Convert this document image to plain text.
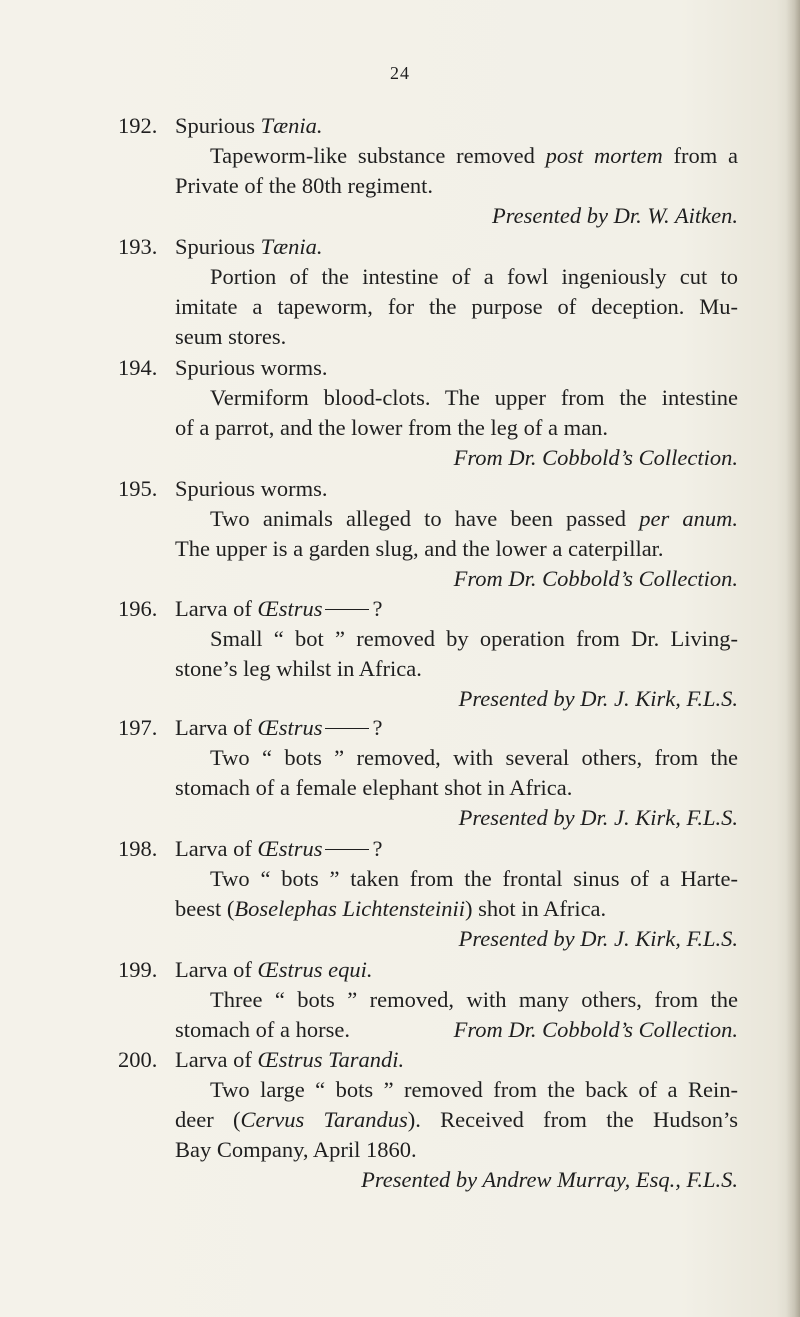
24
192. Spurious Tænia.
Tapeworm-like substance removed post mortem from a
Private of the 80th regiment.
Presented by Dr. W. Aitken.
193. Spurious Tænia.
Portion of the intestine of a fowl ingeniously cut to
imitate a tapeworm, for the purpose of deception. Mu-
seum stores.
194. Spurious worms.
Vermiform blood-clots. The upper from the intestine
of a parrot, and the lower from the leg of a man.
From Dr. Cobbold’s Collection.
195. Spurious worms.
Two animals alleged to have been passed per anum.
The upper is a garden slug, and the lower a caterpillar.
From Dr. Cobbold’s Collection.
196. Larva of Œstrus ?
Small “ bot ” removed by operation from Dr. Living-
stone’s leg whilst in Africa.
Presented by Dr. J. Kirk, F.L.S.
197. Larva of Œstrus ?
Two “ bots ” removed, with several others, from the
stomach of a female elephant shot in Africa.
Presented by Dr. J. Kirk, F.L.S.
198. Larva of Œstrus ?
Two “ bots ” taken from the frontal sinus of a Harte-
beest (Boselephas Lichtensteinii) shot in Africa.
Presented by Dr. J. Kirk, F.L.S.
199. Larva of Œstrus equi.
Three “ bots ” removed, with many others, from the
stomach of a horse.	From Dr. Cobbold’s Collection.
200. Larva of Œstrus Tarandi.
Two large “ bots ” removed from the back of a Rein-
deer (Cervus Tarandus). Received from the Hudson’s
Bay Company, April 1860.
Presented by Andrew Murray, Esq., F.L.S.
